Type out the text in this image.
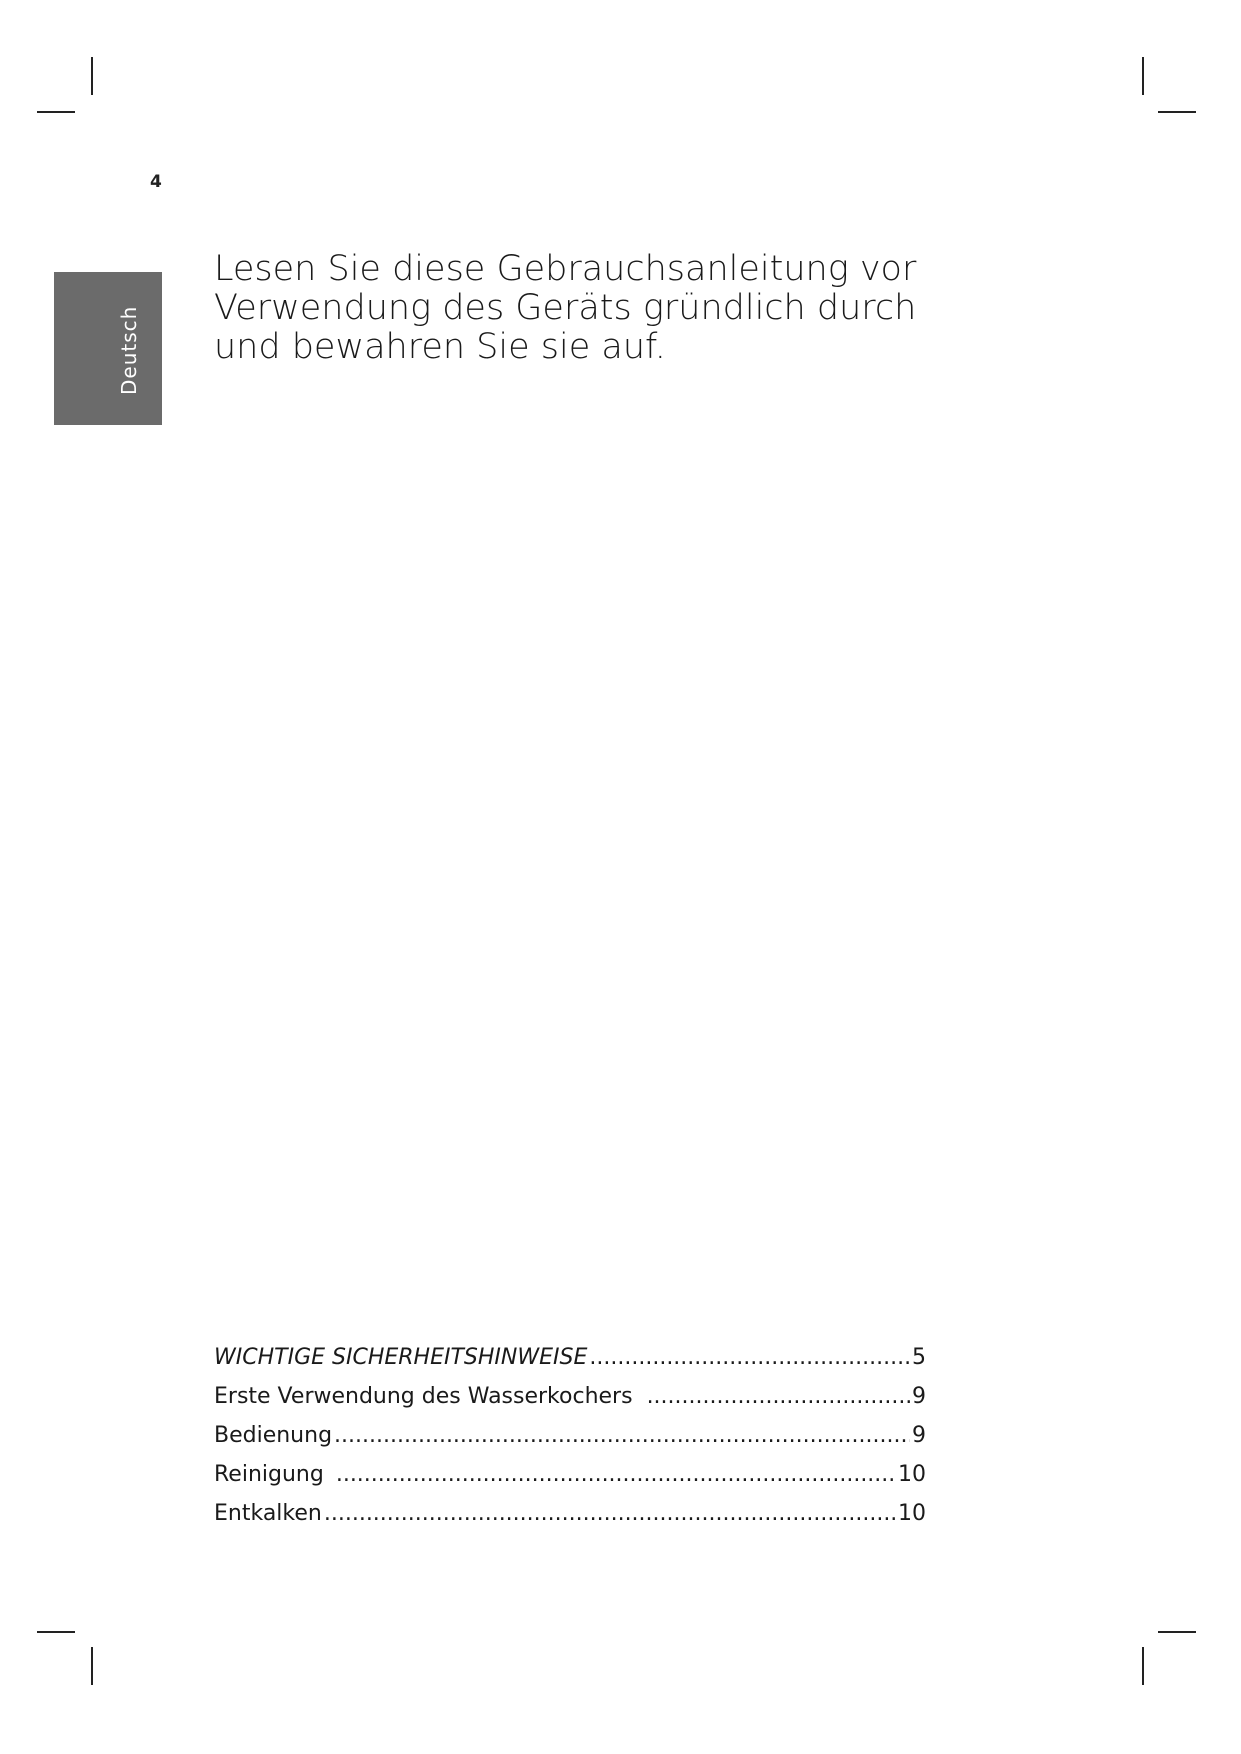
4
Deutsch

Lesen Sie diese Gebrauchsanleitung vor Verwendung des Geräts gründlich durch und bewahren Sie sie auf.

WICHTIGE SICHERHEITSHINWEISE .....	5
Erste Verwendung des Wasserkochers .....	9
Bedienung .....	9
Reinigung .....	10
Entkalken .....	10
